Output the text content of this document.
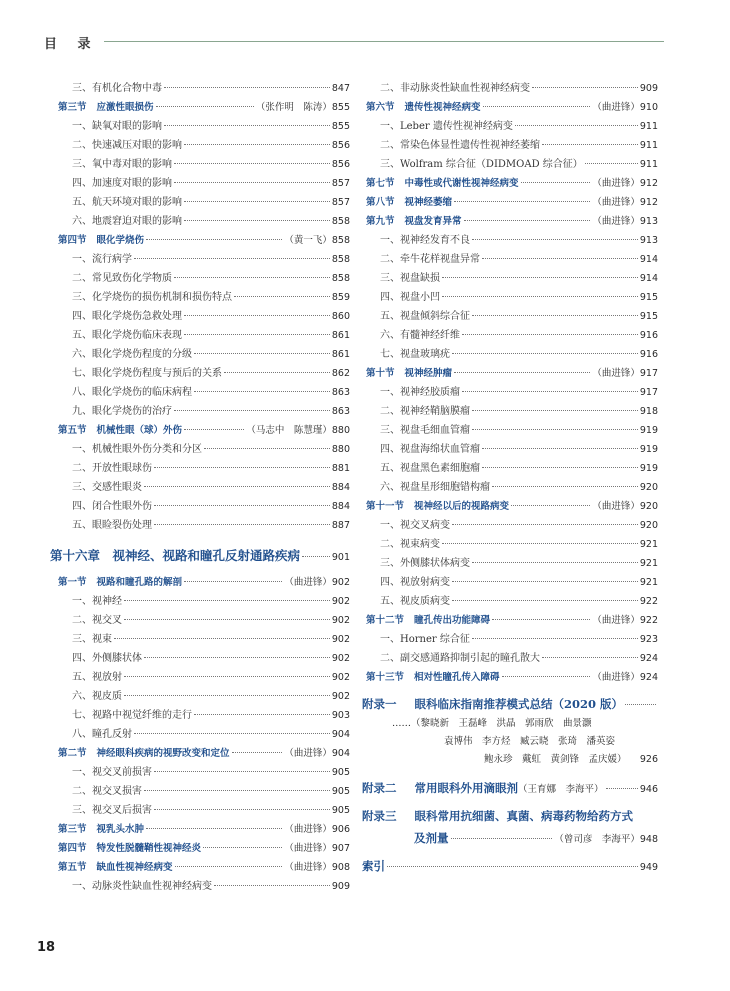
目 录
三、有机化合物中毒	847
第三节 应激性眼损伤	（张作明　陈涛） 855
一、缺氧对眼的影响	855
二、快速减压对眼的影响	856
三、氧中毒对眼的影响	856
四、加速度对眼的影响	857
五、航天环境对眼的影响	857
六、地震窘迫对眼的影响	858
第四节 眼化学烧伤	（黄一飞） 858
一、流行病学	858
二、常见致伤化学物质	858
三、化学烧伤的损伤机制和损伤特点	859
四、眼化学烧伤急救处理	860
五、眼化学烧伤临床表现	861
六、眼化学烧伤程度的分级	861
七、眼化学烧伤程度与预后的关系	862
八、眼化学烧伤的临床病程	863
九、眼化学烧伤的治疗	863
第五节 机械性眼（球）外伤	（马志中　陈慧瑾） 880
一、机械性眼外伤分类和分区	880
二、开放性眼球伤	881
三、交感性眼炎	884
四、闭合性眼外伤	884
五、眼睑裂伤处理	887
第十六章　视神经、视路和瞳孔反射通路疾病	901
第一节 视路和瞳孔路的解剖	（曲进锋） 902
一、视神经	902
二、视交叉	902
三、视束	902
四、外侧膝状体	902
五、视放射	902
六、视皮质	902
七、视路中视觉纤维的走行	903
八、瞳孔反射	904
第二节 神经眼科疾病的视野改变和定位	（曲进锋） 904
一、视交叉前损害	905
二、视交叉损害	905
三、视交叉后损害	905
第三节 视乳头水肿	（曲进锋） 906
第四节 特发性脱髓鞘性视神经炎	（曲进锋） 907
第五节 缺血性视神经病变	（曲进锋） 908
一、动脉炎性缺血性视神经病变	909
二、非动脉炎性缺血性视神经病变	909
第六节 遗传性视神经病变	（曲进锋） 910
一、Leber 遗传性视神经病变	911
二、常染色体显性遗传性视神经萎缩	911
三、Wolfram 综合征（DIDMOAD 综合征）	911
第七节 中毒性或代谢性视神经病变	（曲进锋） 912
第八节 视神经萎缩	（曲进锋） 912
第九节 视盘发育异常	（曲进锋） 913
一、视神经发育不良	913
二、牵牛花样视盘异常	914
三、视盘缺损	914
四、视盘小凹	915
五、视盘倾斜综合征	915
六、有髓神经纤维	916
七、视盘玻璃疣	916
第十节 视神经肿瘤	（曲进锋） 917
一、视神经胶质瘤	917
二、视神经鞘脑膜瘤	918
三、视盘毛细血管瘤	919
四、视盘海绵状血管瘤	919
五、视盘黑色素细胞瘤	919
六、视盘星形细胞错构瘤	920
第十一节 视神经以后的视路病变	（曲进锋） 920
一、视交叉病变	920
二、视束病变	921
三、外侧膝状体病变	921
四、视放射病变	921
五、视皮质病变	922
第十二节 瞳孔传出功能障碍	（曲进锋） 922
一、Horner 综合征	923
二、副交感通路抑制引起的瞳孔散大	924
第十三节 相对性瞳孔传入障碍	（曲进锋） 924
附录一 眼科临床指南推荐模式总结（2020 版）
……（黎晓新　王磊峰　洪晶　郭雨欣　曲景灏
袁博伟　李方烃　臧云晓　张琦　潘英姿
鲍永珍　戴虹　黄剑锋　孟庆媛） 926
附录二 常用眼科外用滴眼剂 （王育娜　李海平）	946
附录三 眼科常用抗细菌、真菌、病毒药物给药方式
及剂量	（曾司彦　李海平） 948
索引	949
18
